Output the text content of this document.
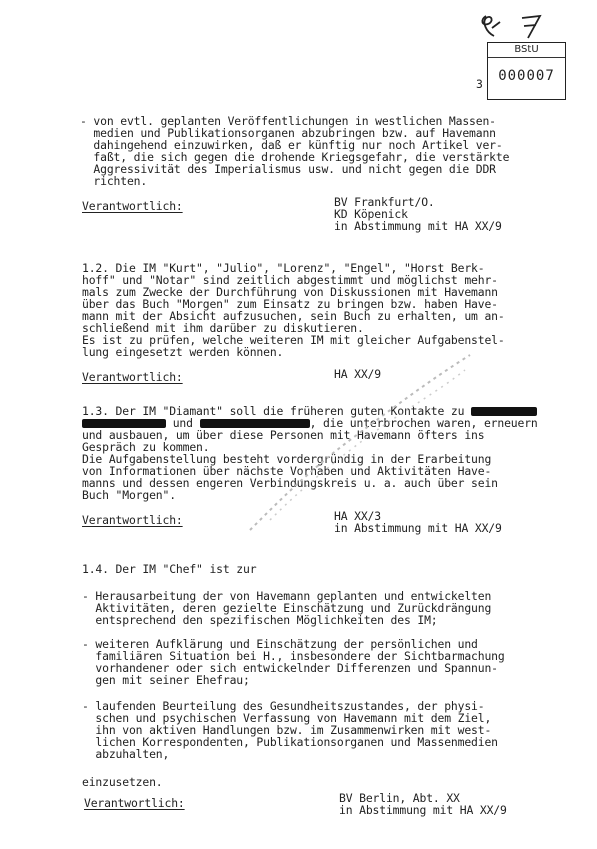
BStU
000007
3
- von evtl. geplanten Veröffentlichungen in westlichen Massen-
medien und Publikationsorganen abzubringen bzw. auf Havemann
dahingehend einzuwirken, daß er künftig nur noch Artikel ver-
faßt, die sich gegen die drohende Kriegsgefahr, die verstärkte
Aggressivität des Imperialismus usw. und nicht gegen die DDR
richten.
Verantwortlich:	BV Frankfurt/O.
KD Köpenick
in Abstimmung mit HA XX/9
1.2. Die IM "Kurt", "Julio", "Lorenz", "Engel", "Horst Berk-
hoff" und "Notar" sind zeitlich abgestimmt und möglichst mehr-
mals zum Zwecke der Durchführung von Diskussionen mit Havemann
über das Buch "Morgen" zum Einsatz zu bringen bzw. haben Have-
mann mit der Absicht aufzusuchen, sein Buch zu erhalten, um an-
schließend mit ihm darüber zu diskutieren.
Es ist zu prüfen, welche weiteren IM mit gleicher Aufgabenstel-
lung eingesetzt werden können.
Verantwortlich:	HA XX/9
1.3. Der IM "Diamant" soll die früheren guten Kontakte zu
und	, die unterbrochen waren, erneuern
und ausbauen, um über diese Personen mit Havemann öfters ins
Gespräch zu kommen.
Die Aufgabenstellung besteht vordergründig in der Erarbeitung
von Informationen über nächste Vorhaben und Aktivitäten Have-
manns und dessen engeren Verbindungskreis u. a. auch über sein
Buch "Morgen".
Verantwortlich:	HA XX/3
in Abstimmung mit HA XX/9
1.4. Der IM "Chef" ist zur
- Herausarbeitung der von Havemann geplanten und entwickelten
Aktivitäten, deren gezielte Einschätzung und Zurückdrängung
entsprechend den spezifischen Möglichkeiten des IM;
- weiteren Aufklärung und Einschätzung der persönlichen und
familiären Situation bei H., insbesondere der Sichtbarmachung
vorhandener oder sich entwickelnder Differenzen und Spannun-
gen mit seiner Ehefrau;
- laufenden Beurteilung des Gesundheitszustandes, der physi-
schen und psychischen Verfassung von Havemann mit dem Ziel,
ihn von aktiven Handlungen bzw. im Zusammenwirken mit west-
lichen Korrespondenten, Publikationsorganen und Massenmedien
abzuhalten,
einzusetzen.
Verantwortlich:	BV Berlin, Abt. XX
in Abstimmung mit HA XX/9
